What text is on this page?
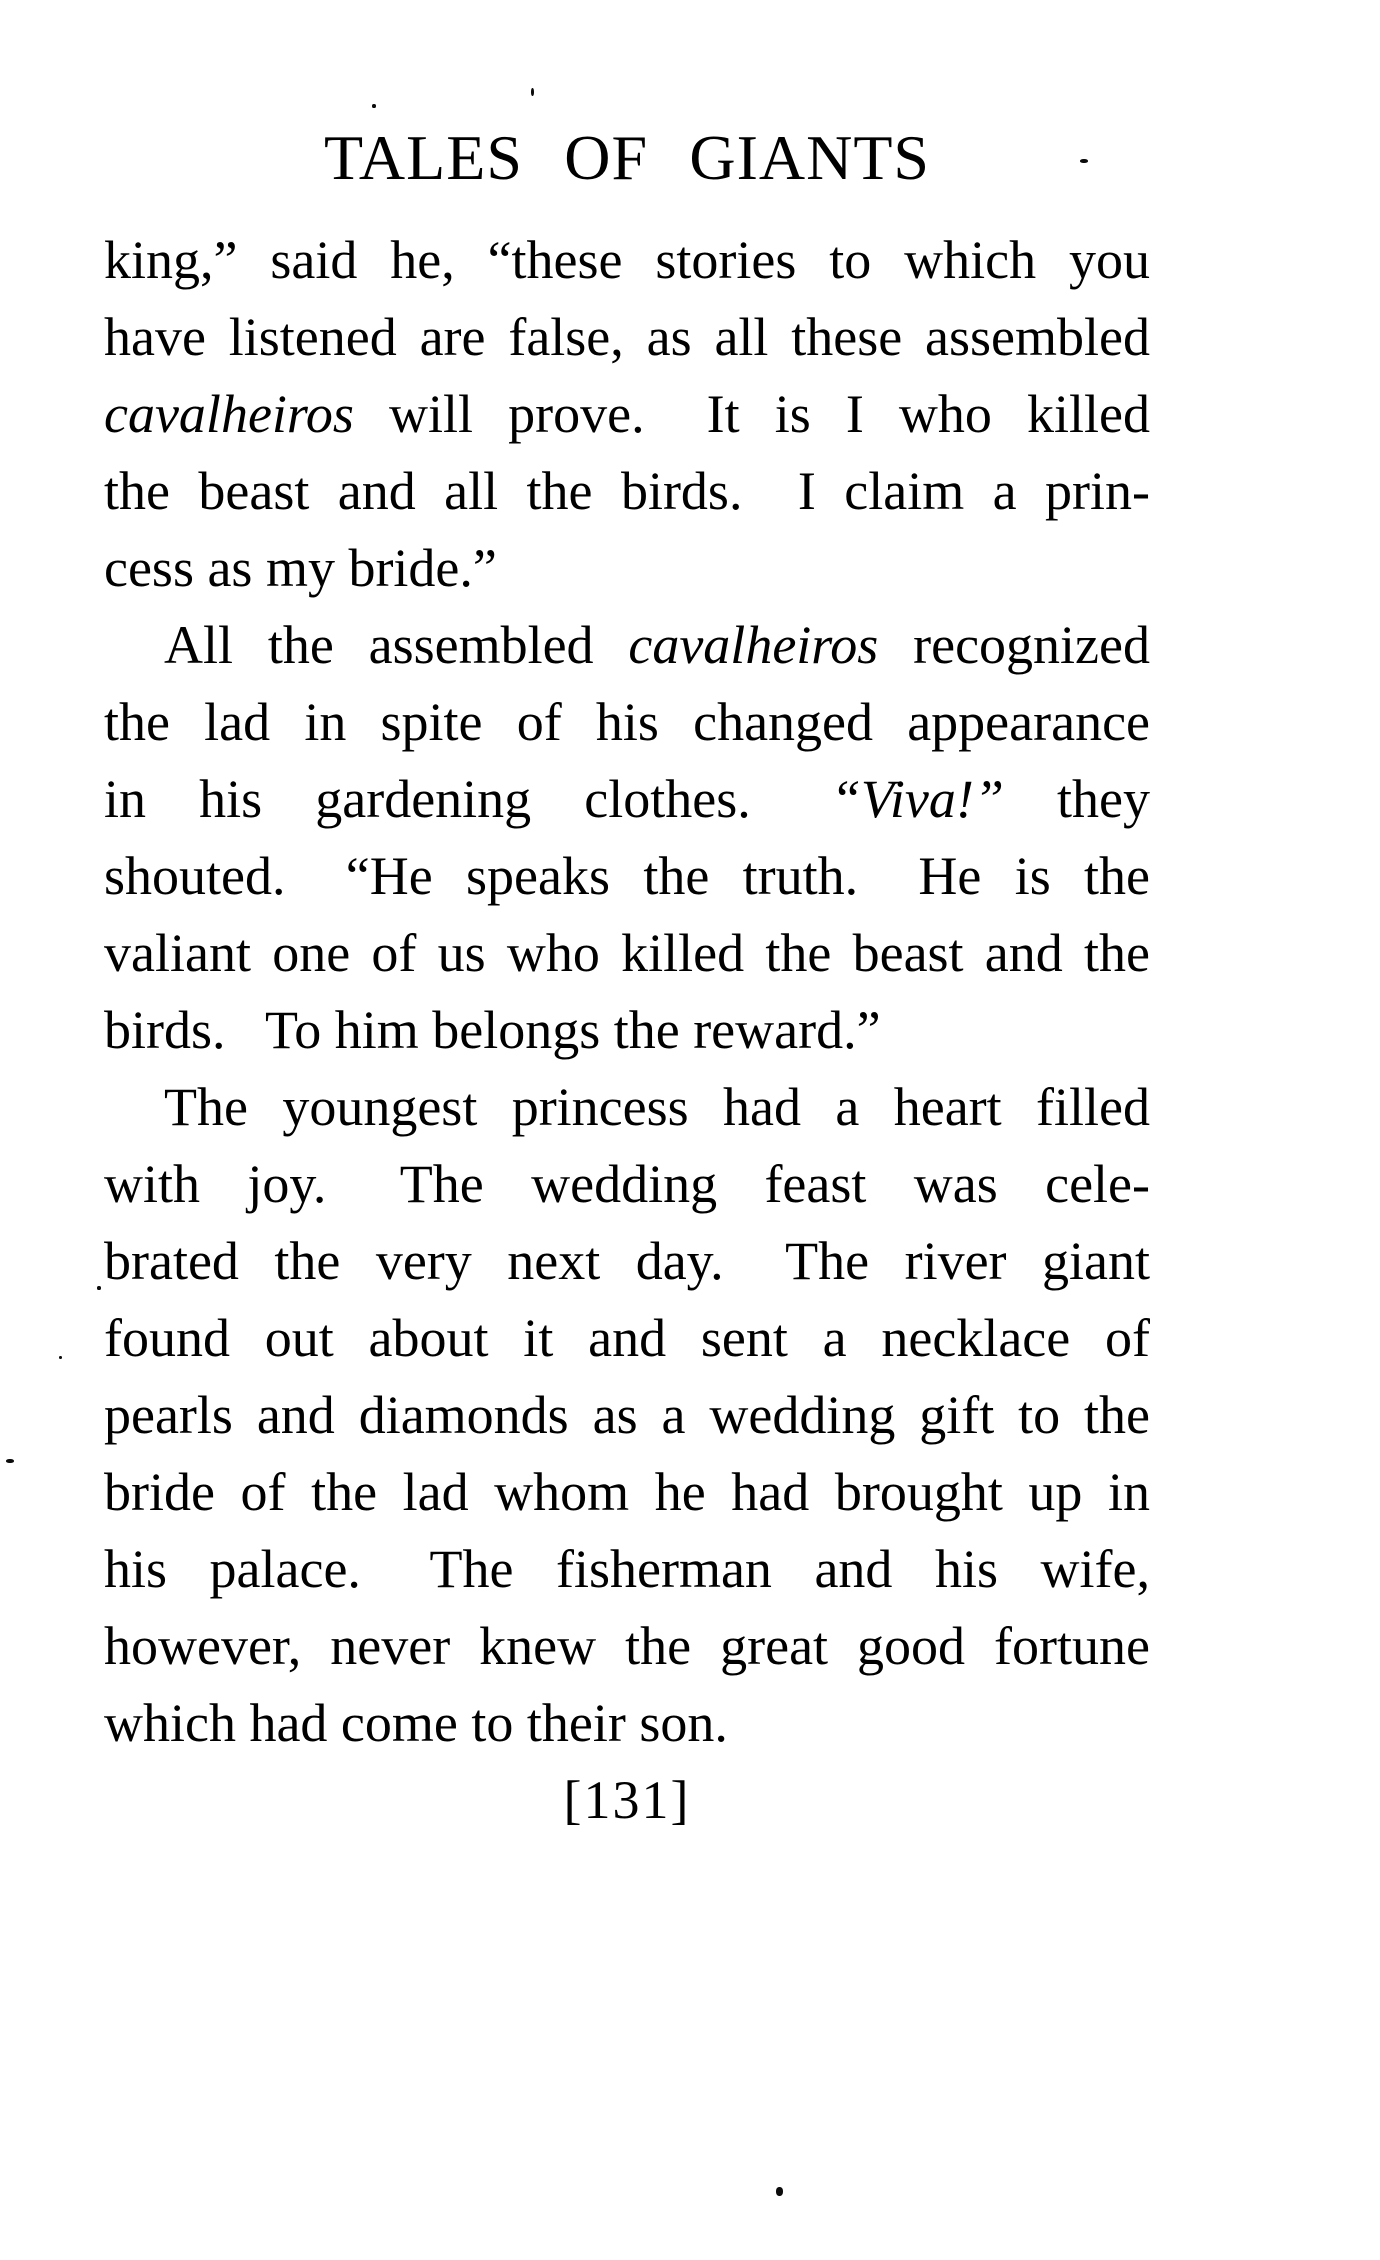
TALES OF GIANTS
king,” said he, “these stories to which you
have listened are false, as all these assembled
cavalheiros will prove.  It is I who killed
the beast and all the birds.  I claim a prin-
cess as my bride.”
All the assembled cavalheiros recognized
the lad in spite of his changed appearance
in his gardening clothes.  “Viva!” they
shouted.  “He speaks the truth.  He is the
valiant one of us who killed the beast and the
birds.  To him belongs the reward.”
The youngest princess had a heart filled
with joy.  The wedding feast was cele-
brated the very next day.  The river giant
found out about it and sent a necklace of
pearls and diamonds as a wedding gift to the
bride of the lad whom he had brought up in
his palace.  The fisherman and his wife,
however, never knew the great good fortune
which had come to their son.
[131]
